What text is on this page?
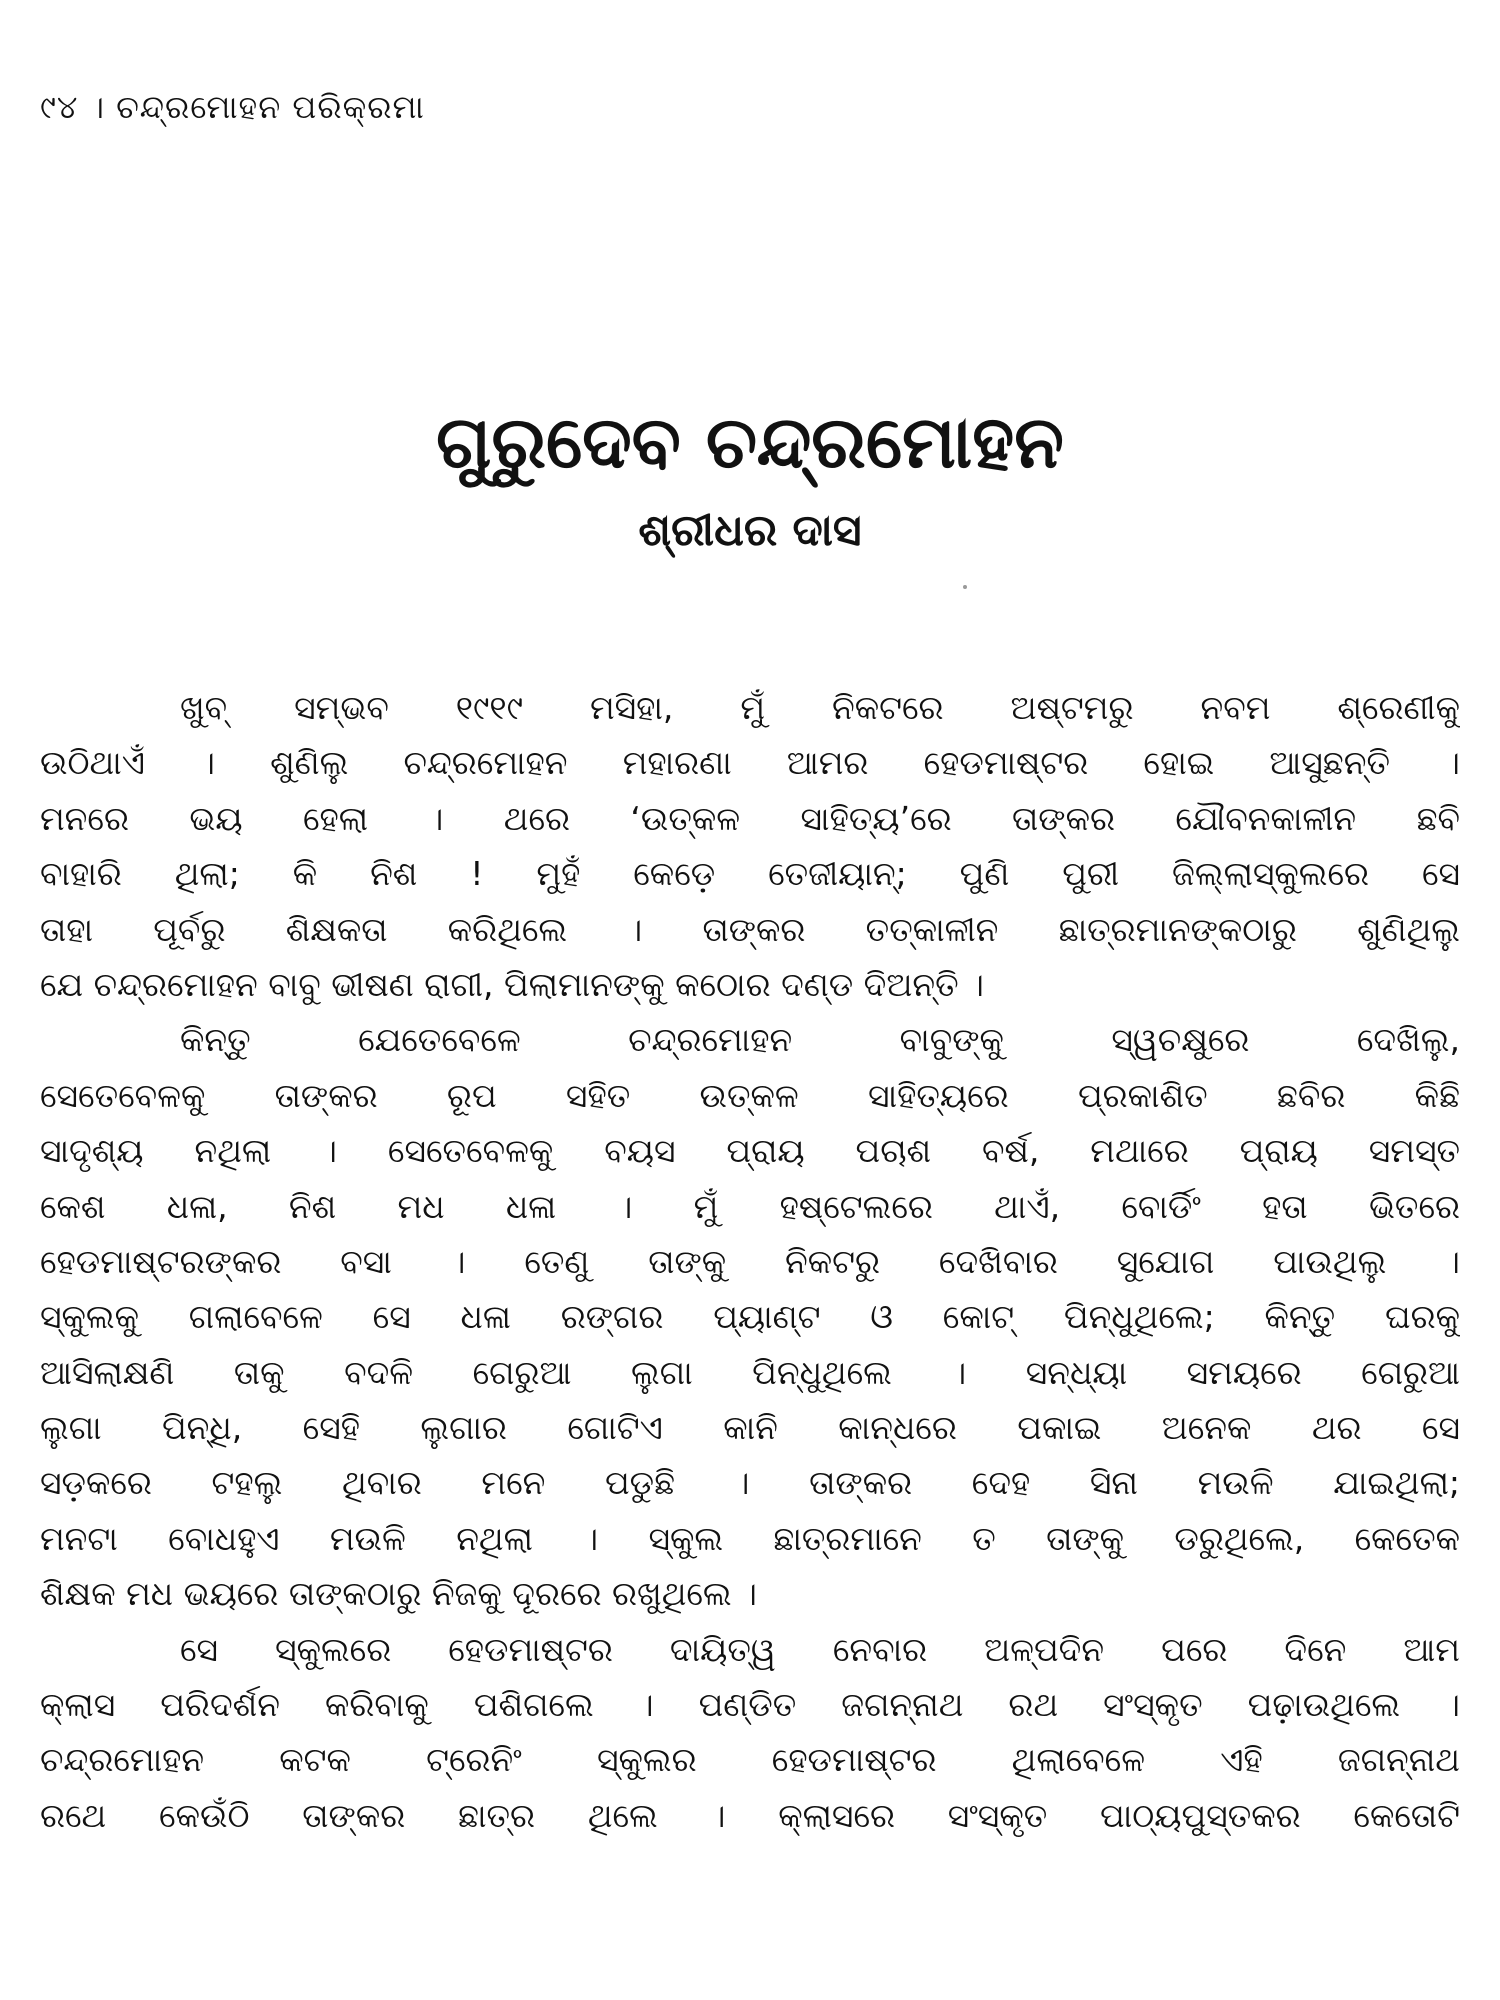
୯୪ । ଚନ୍ଦ୍ରମୋହନ ପରିକ୍ରମା
ଗୁରୁଦେବ ଚନ୍ଦ୍ରମୋହନ
ଶ୍ରୀଧର ଦାସ
ଖୁବ୍ ସମ୍ଭବ ୧୯୧୯ ମସିହା, ମୁଁ ନିକଟରେ ଅଷ୍ଟମରୁ ନବମ ଶ୍ରେଣୀକୁ
ଉଠିଥାଏଁ । ଶୁଣିଲୁ ଚନ୍ଦ୍ରମୋହନ ମହାରଣା ଆମର ହେଡମାଷ୍ଟର ହୋଇ ଆସୁଛନ୍ତି ।
ମନରେ ଭୟ ହେଲା । ଥରେ ‘ଉତ୍କଳ ସାହିତ୍ୟ’ରେ ତାଙ୍କର ଯୌବନକାଳୀନ ଛବି
ବାହାରି ଥିଲା; କି ନିଶ ! ମୁହଁ କେଡ଼େ ତେଜୀୟାନ୍; ପୁଣି ପୁରୀ ଜିଲ୍ଲାସ୍କୁଲରେ ସେ
ତାହା ପୂର୍ବରୁ ଶିକ୍ଷକତା କରିଥିଲେ । ତାଙ୍କର ତତ୍କାଳୀନ ଛାତ୍ରମାନଙ୍କଠାରୁ ଶୁଣିଥିଲୁ
ଯେ ଚନ୍ଦ୍ରମୋହନ ବାବୁ ଭୀଷଣ ରାଗୀ, ପିଲାମାନଙ୍କୁ କଠୋର ଦଣ୍ଡ ଦିଅନ୍ତି ।
କିନ୍ତୁ ଯେତେବେଳେ ଚନ୍ଦ୍ରମୋହନ ବାବୁଙ୍କୁ ସ୍ୱଚକ୍ଷୁରେ ଦେଖିଲୁ,
ସେତେବେଳକୁ ତାଙ୍କର ରୂପ ସହିତ ଉତ୍କଳ ସାହିତ୍ୟରେ ପ୍ରକାଶିତ ଛବିର କିଛି
ସାଦୃଶ୍ୟ ନଥିଲା । ସେତେବେଳକୁ ବୟସ ପ୍ରାୟ ପଚାଶ ବର୍ଷ, ମଥାରେ ପ୍ରାୟ ସମସ୍ତ
କେଶ ଧଳା, ନିଶ ମଧ ଧଳା । ମୁଁ ହଷ୍ଟେଲରେ ଥାଏଁ, ବୋର୍ଡିଂ ହତା ଭିତରେ
ହେଡମାଷ୍ଟରଙ୍କର ବସା । ତେଣୁ ତାଙ୍କୁ ନିକଟରୁ ଦେଖିବାର ସୁଯୋଗ ପାଉଥିଲୁ ।
ସ୍କୁଲକୁ ଗଲାବେଳେ ସେ ଧଳା ରଙ୍ଗର ପ୍ୟାଣ୍ଟ ଓ କୋଟ୍ ପିନ୍ଧୁଥିଲେ; କିନ୍ତୁ ଘରକୁ
ଆସିଲାକ୍ଷଣି ତାକୁ ବଦଳି ଗେରୁଆ ଲୁଗା ପିନ୍ଧୁଥିଲେ । ସନ୍ଧ୍ୟା ସମୟରେ ଗେରୁଆ
ଲୁଗା ପିନ୍ଧି, ସେହି ଲୁଗାର ଗୋଟିଏ କାନି କାନ୍ଧରେ ପକାଇ ଅନେକ ଥର ସେ
ସଡ଼କରେ ଟହଲୁ ଥିବାର ମନେ ପଡୁଛି । ତାଙ୍କର ଦେହ ସିନା ମଉଳି ଯାଇଥିଲା;
ମନଟା ବୋଧହୁଏ ମଉଳି ନଥିଲା । ସ୍କୁଲ ଛାତ୍ରମାନେ ତ ତାଙ୍କୁ ଡରୁଥିଲେ, କେତେକ
ଶିକ୍ଷକ ମଧ ଭୟରେ ତାଙ୍କଠାରୁ ନିଜକୁ ଦୂରରେ ରଖୁଥିଲେ ।
ସେ ସ୍କୁଲରେ ହେଡମାଷ୍ଟର ଦାୟିତ୍ୱ ନେବାର ଅଳ୍ପଦିନ ପରେ ଦିନେ ଆମ
କ୍ଲାସ ପରିଦର୍ଶନ କରିବାକୁ ପଶିଗଲେ । ପଣ୍ଡିତ ଜଗନ୍ନାଥ ରଥ ସଂସ୍କୃତ ପଢ଼ାଉଥିଲେ ।
ଚନ୍ଦ୍ରମୋହନ କଟକ ଟ୍ରେନିଂ ସ୍କୁଲର ହେଡମାଷ୍ଟର ଥିଲାବେଳେ ଏହି ଜଗନ୍ନାଥ
ରଥେ କେଉଁଠି ତାଙ୍କର ଛାତ୍ର ଥିଲେ । କ୍ଲାସରେ ସଂସ୍କୃତ ପାଠ୍ୟପୁସ୍ତକର କେତୋଟି
